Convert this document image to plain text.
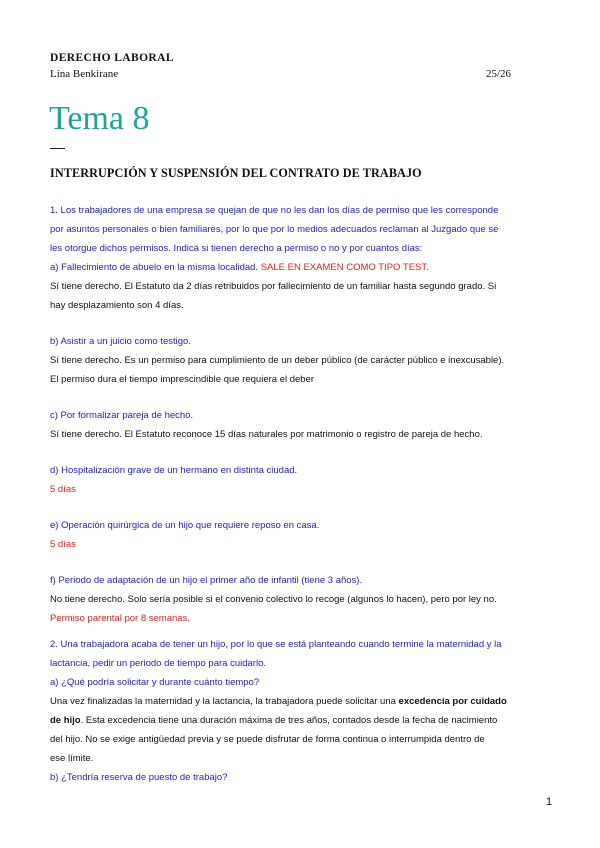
DERECHO LABORAL
Lina Benkirane	25/26
Tema 8
INTERRUPCIÓN Y SUSPENSIÓN DEL CONTRATO DE TRABAJO
1. Los trabajadores de una empresa se quejan de que no les dan los días de permiso que les corresponde
por asuntos personales o bien familiares, por lo que por lo medios adecuados reclaman al Juzgado que se
les otorgue dichos permisos. Indica si tienen derecho a permiso o no y por cuantos días:
a) Fallecimiento de abuelo en la misma localidad. SALE EN EXAMEN COMO TIPO TEST.
Sí tiene derecho. El Estatuto da 2 días retribuidos por fallecimiento de un familiar hasta segundo grado. Si
hay desplazamiento son 4 días.
b) Asistir a un juicio como testigo.
Sí tiene derecho. Es un permiso para cumplimiento de un deber público (de carácter público e inexcusable).
El permiso dura el tiempo imprescindible que requiera el deber
c) Por formalizar pareja de hecho.
Sí tiene derecho. El Estatuto reconoce 15 días naturales por matrimonio o registro de pareja de hecho.
d) Hospitalización grave de un hermano en distinta ciudad.
5 días
e) Operación quirúrgica de un hijo que requiere reposo en casa.
5 días
f) Periodo de adaptación de un hijo el primer año de infantil (tiene 3 años).
No tiene derecho. Solo sería posible si el convenio colectivo lo recoge (algunos lo hacen), pero por ley no.
Permiso parental por 8 semanas.
2. Una trabajadora acaba de tener un hijo, por lo que se está planteando cuando termine la maternidad y la
lactancia, pedir un periodo de tiempo para cuidarlo.
a) ¿Qué podría solicitar y durante cuánto tiempo?
Una vez finalizadas la maternidad y la lactancia, la trabajadora puede solicitar una excedencia por cuidado
de hijo. Esta excedencia tiene una duración máxima de tres años, contados desde la fecha de nacimiento
del hijo. No se exige antigüedad previa y se puede disfrutar de forma continua o interrumpida dentro de
ese límite.
b) ¿Tendría reserva de puesto de trabajo?
1
